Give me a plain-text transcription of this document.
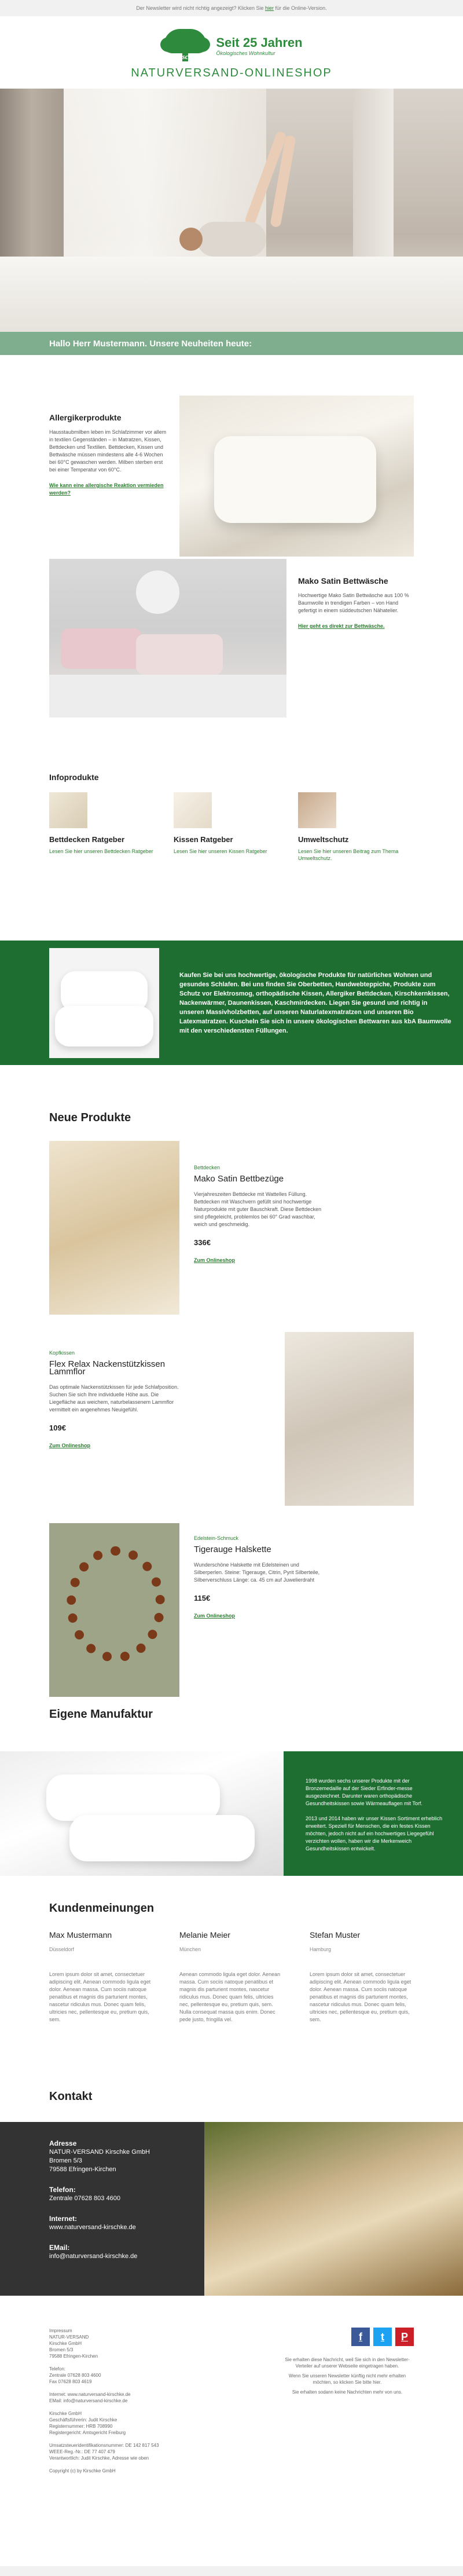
Der Newsletter wird nicht richtig angezeigt? Klicken Sie hier für die Online-Version.
Kirschke
Seit 25 Jahren
Ökologisches Wohnkultur
NATURVERSAND-ONLINESHOP
Hallo Herr Mustermann. Unsere Neuheiten heute:
Allergikerprodukte

Hausstaubmilben leben im Schlafzimmer vor allem in textilen Gegenständen – in Matratzen, Kissen, Bettdecken und Textilien. Bettdecken, Kissen und Bettwäsche müssen mindestens alle 4-6 Wochen bei 60°C gewaschen werden. Milben sterben erst bei einer Temperatur von 60°C.

Wie kann eine allergische Reaktion vermieden werden?
Mako Satin Bettwäsche

Hochwertige Mako Satin Bettwäsche aus 100 % Baumwolle in trendigen Farben – von Hand gefertigt in einem süddeutschen Nähatelier.

Hier geht es direkt zur Bettwäsche.
Infoprodukte
Bettdecken Ratgeber

Lesen Sie hier unseren Bettdecken Ratgeber

Kissen Ratgeber

Lesen Sie hier unseren Kissen Ratgeber

Umweltschutz

Lesen Sie hier unseren Beitrag zum Thema Umweltschutz.

Kaufen Sie bei uns hochwertige, ökologische Produkte für natürliches Wohnen und gesundes Schlafen. Bei uns finden Sie Oberbetten, Handwebteppiche, Produkte zum Schutz vor Elektrosmog, orthopädische Kissen, Allergiker Bettdecken, Kirschkernkissen, Nackenwärmer, Daunenkissen, Kaschmirdecken. Liegen Sie gesund und richtig in unseren Massivholzbetten, auf unseren Naturlatexmatratzen und unseren Bio Latexmatratzen. Kuscheln Sie sich in unsere ökologischen Bettwaren aus kbA Baumwolle mit den verschiedensten Füllungen.
Neue Produkte
Bettdecken
Mako Satin Bettbezüge

Vierjahreszeiten Bettdecke mit Wattelles Füllung. Bettdecken mit Waschvern gefüllt sind hochwertige Naturprodukte mit guter Bauschkraft. Diese Bettdecken sind pflegeleicht, problemlos bei 60° Grad waschbar, weich und geschmeidig.

336€
Zum Onlineshop
Kopfkissen
Flex Relax Nackenstützkissen Lammflor

Das optimale Nackenstützkissen für jede Schlafposition. Suchen Sie sich Ihre individuelle Höhe aus. Die Liegefläche aus weichem, naturbelassenem Lammflor vermittelt ein angenehmes Neuigefühl.

109€
Zum Onlineshop
Edelstein-Schmuck
Tigerauge Halskette

Wunderschöne Halskette mit Edelsteinen und Silberperlen. Steine: Tigerauge, Citrin, Pyrit Silberteile, Silberverschluss Länge: ca. 45 cm auf Juwelierdraht

115€
Zum Onlineshop
Eigene Manufaktur

1998 wurden sechs unserer Produkte mit der Bronzemedaille auf der Sieder Erfinder-messe ausgezeichnet. Darunter waren orthopädische Gesundheitskissen sowie Wärmeauflagen mit Torf.

2013 und 2014 haben wir unser Kissen Sortiment erheblich erweitert. Speziell für Menschen, die ein festes Kissen möchten, jedoch nicht auf ein hochwertiges Liegegefühl verzichten wollen, haben wir die Merkenweich Gesundheitskissen entwickelt.

Kundenmeinungen
Max Mustermann
Düsseldorf

Lorem ipsum dolor sit amet, consectetuer adipiscing elit. Aenean commodo ligula eget dolor. Aenean massa. Cum sociis natoque penatibus et magnis dis parturient montes, nascetur ridiculus mus. Donec quam felis, ultricies nec, pellentesque eu, pretium quis, sem.

Melanie Meier
München

Aenean commodo ligula eget dolor. Aenean massa. Cum sociis natoque penatibus et magnis dis parturient montes, nascetur ridiculus mus. Donec quam felis, ultricies nec, pellentesque eu, pretium quis, sem. Nulla consequat massa quis enim. Donec pede justo, fringilla vel.

Stefan Muster
Hamburg

Lorem ipsum dolor sit amet, consectetuer adipiscing elit. Aenean commodo ligula eget dolor. Aenean massa. Cum sociis natoque penatibus et magnis dis parturient montes, nascetur ridiculus mus. Donec quam felis, ultricies nec, pellentesque eu, pretium quis, sem.

Kontakt
Adresse
NATUR-VERSAND Kirschke GmbH
Bromen 5/3
79588 Efringen-Kirchen
Telefon:
Zentrale 07628 803 4600
Internet:
www.naturversand-kirschke.de
EMail:
info@naturversand-kirschke.de
Impressum
NATUR-VERSAND
Kirschke GmbH
Bromen 5/3
79588 Efringen-Kirchen
Telefon:
Zentrale 07628 803 4600
Fax 07628 803 4619
Internet: www.naturversand-kirschke.de
EMail: info@naturversand-kirschke.de
Kirschke GmbH
Geschäftsführerin: Judit Kirschke
Registernummer: HRB 708990
Registergericht: Amtsgericht Freiburg
Umsatzsteueridentifikationsnummer: DE 142 817 543
WEEE-Reg.-Nr.: DE 77 407 479
Verantwortlich: Judit Kirschke, Adresse wie oben
Copyright (c) by Kirschke GmbH
f	t	P

Sie erhalten diese Nachricht, weil Sie sich in den Newsletter-Verteiler auf unserer Webseite eingetragen haben.

Wenn Sie unseren Newsletter künftig nicht mehr erhalten möchten, so klicken Sie bitte hier.

Sie erhalten sodann keine Nachrichten mehr von uns.
